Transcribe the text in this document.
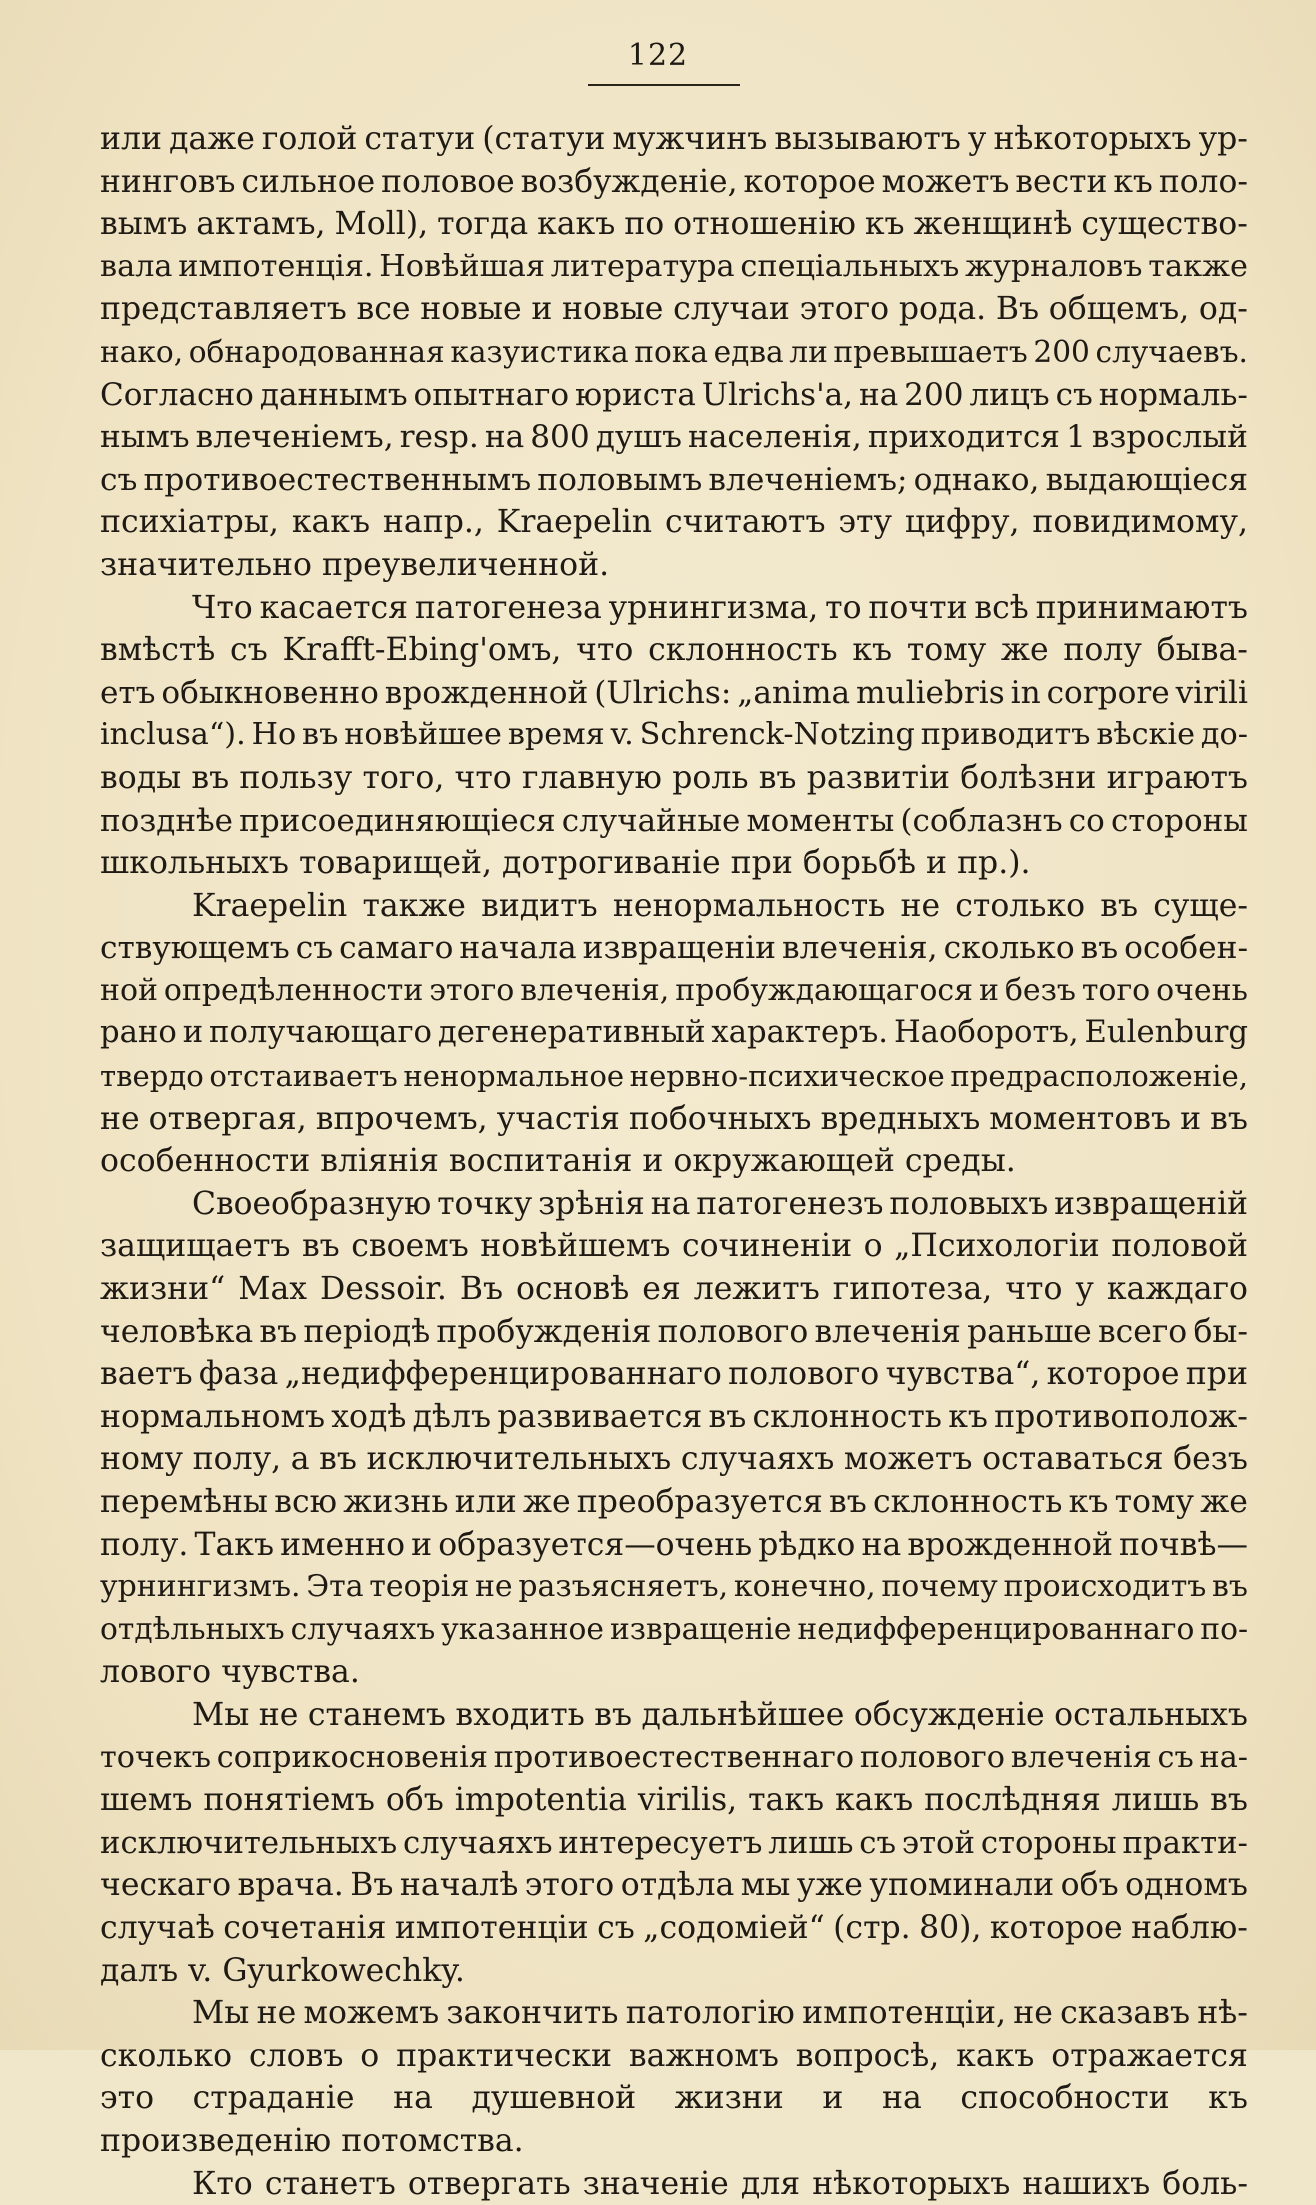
122
или даже голой статуи (статуи мужчинъ вызываютъ у нѣкоторыхъ ур-
нинговъ сильное половое возбужденіе, которое можетъ вести къ поло-
вымъ актамъ, Moll), тогда какъ по отношенію къ женщинѣ существо-
вала импотенція. Новѣйшая литература спеціальныхъ журналовъ также
представляетъ все новые и новые случаи этого рода. Въ общемъ, од-
нако, обнародованная казуистика пока едва ли превышаетъ 200 случаевъ.
Согласно даннымъ опытнаго юриста Ulrichs'а, на 200 лицъ съ нормаль-
нымъ влеченіемъ, resp. на 800 душъ населенія, приходится 1 взрослый
съ противоестественнымъ половымъ влеченіемъ; однако, выдающіеся
психіатры, какъ напр., Kraepelin считаютъ эту цифру, повидимому,
значительно преувеличенной.
Что касается патогенеза урнингизма, то почти всѣ принимаютъ
вмѣстѣ съ Krafft-Ebing'омъ, что склонность къ тому же полу быва-
етъ обыкновенно врожденной (Ulrichs: „anima muliebris in corpore virili
inclusa“). Но въ новѣйшее время v. Schrenck-Notzing приводитъ вѣскіе до-
воды въ пользу того, что главную роль въ развитіи болѣзни играютъ
позднѣе присоединяющіеся случайные моменты (соблазнъ со стороны
школьныхъ товарищей, дотрогиваніе при борьбѣ и пр.).
Kraepelin также видитъ ненормальность не столько въ суще-
ствующемъ съ самаго начала извращеніи влеченія, сколько въ особен-
ной опредѣленности этого влеченія, пробуждающагося и безъ того очень
рано и получающаго дегенеративный характеръ. Наоборотъ, Eulenburg
твердо отстаиваетъ ненормальное нервно-психическое предрасположеніе,
не отвергая, впрочемъ, участія побочныхъ вредныхъ моментовъ и въ
особенности вліянія воспитанія и окружающей среды.
Своеобразную точку зрѣнія на патогенезъ половыхъ извращеній
защищаетъ въ своемъ новѣйшемъ сочиненіи о „Психологіи половой
жизни“ Max Dessoir. Въ основѣ ея лежитъ гипотеза, что у каждаго
человѣка въ періодѣ пробужденія полового влеченія раньше всего бы-
ваетъ фаза „недифференцированнаго полового чувства“, которое при
нормальномъ ходѣ дѣлъ развивается въ склонность къ противополож-
ному полу, а въ исключительныхъ случаяхъ можетъ оставаться безъ
перемѣны всю жизнь или же преобразуется въ склонность къ тому же
полу. Такъ именно и образуется—очень рѣдко на врожденной почвѣ—
урнингизмъ. Эта теорія не разъясняетъ, конечно, почему происходитъ въ
отдѣльныхъ случаяхъ указанное извращеніе недифференцированнаго по-
лового чувства.
Мы не станемъ входить въ дальнѣйшее обсужденіе остальныхъ
точекъ соприкосновенія противоестественнаго полового влеченія съ на-
шемъ понятіемъ объ impotentia virilis, такъ какъ послѣдняя лишь въ
исключительныхъ случаяхъ интересуетъ лишь съ этой стороны практи-
ческаго врача. Въ началѣ этого отдѣла мы уже упоминали объ одномъ
случаѣ сочетанія импотенціи съ „содоміей“ (стр. 80), которое наблю-
далъ v. Gyurkowechky.
Мы не можемъ закончить патологію импотенціи, не сказавъ нѣ-
сколько словъ о практически важномъ вопросѣ, какъ отражается
это страданіе на душевной жизни и на способности къ
произведенію потомства.
Кто станетъ отвергать значеніе для нѣкоторыхъ нашихъ боль-
